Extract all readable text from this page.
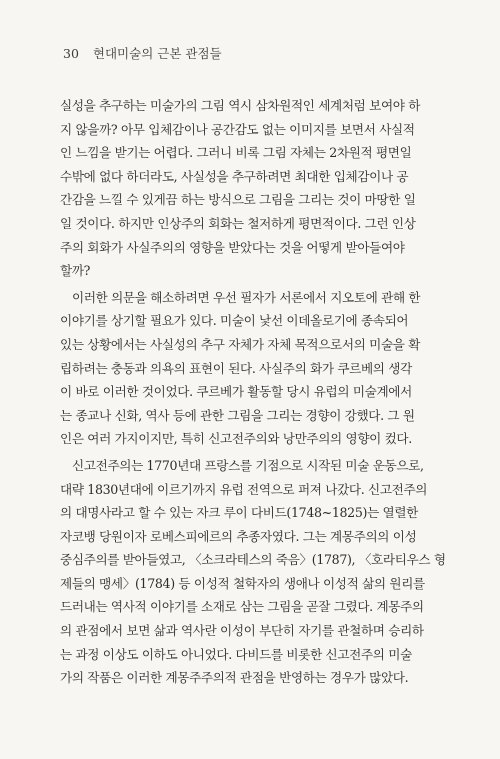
30 현대미술의 근본 관점들
실성을 추구하는 미술가의 그림 역시 삼차원적인 세계처럼 보여야 하
지 않을까? 아무 입체감이나 공간감도 없는 이미지를 보면서 사실적
인 느낌을 받기는 어렵다. 그러니 비록 그림 자체는 2차원적 평면일
수밖에 없다 하더라도, 사실성을 추구하려면 최대한 입체감이나 공
간감을 느낄 수 있게끔 하는 방식으로 그림을 그리는 것이 마땅한 일
일 것이다. 하지만 인상주의 회화는 철저하게 평면적이다. 그런 인상
주의 회화가 사실주의의 영향을 받았다는 것을 어떻게 받아들여야
할까?
이러한 의문을 해소하려면 우선 필자가 서론에서 지오토에 관해 한
이야기를 상기할 필요가 있다. 미술이 낯선 이데올로기에 종속되어
있는 상황에서는 사실성의 추구 자체가 자체 목적으로서의 미술을 확
립하려는 충동과 의욕의 표현이 된다. 사실주의 화가 쿠르베의 생각
이 바로 이러한 것이었다. 쿠르베가 활동할 당시 유럽의 미술계에서
는 종교나 신화, 역사 등에 관한 그림을 그리는 경향이 강했다. 그 원
인은 여러 가지이지만, 특히 신고전주의와 낭만주의의 영향이 컸다.
신고전주의는 1770년대 프랑스를 기점으로 시작된 미술 운동으로,
대략 1830년대에 이르기까지 유럽 전역으로 퍼져 나갔다. 신고전주의
의 대명사라고 할 수 있는 자크 루이 다비드(1748~1825)는 열렬한
자코뱅 당원이자 로베스피에르의 추종자였다. 그는 계몽주의의 이성
중심주의를 받아들였고, 〈소크라테스의 죽음〉(1787), 〈호라티우스 형
제들의 맹세〉(1784) 등 이성적 철학자의 생애나 이성적 삶의 원리를
드러내는 역사적 이야기를 소재로 삼는 그림을 곧잘 그렸다. 계몽주의
의 관점에서 보면 삶과 역사란 이성이 부단히 자기를 관철하며 승리하
는 과정 이상도 이하도 아니었다. 다비드를 비롯한 신고전주의 미술
가의 작품은 이러한 계몽주주의적 관점을 반영하는 경우가 많았다.
